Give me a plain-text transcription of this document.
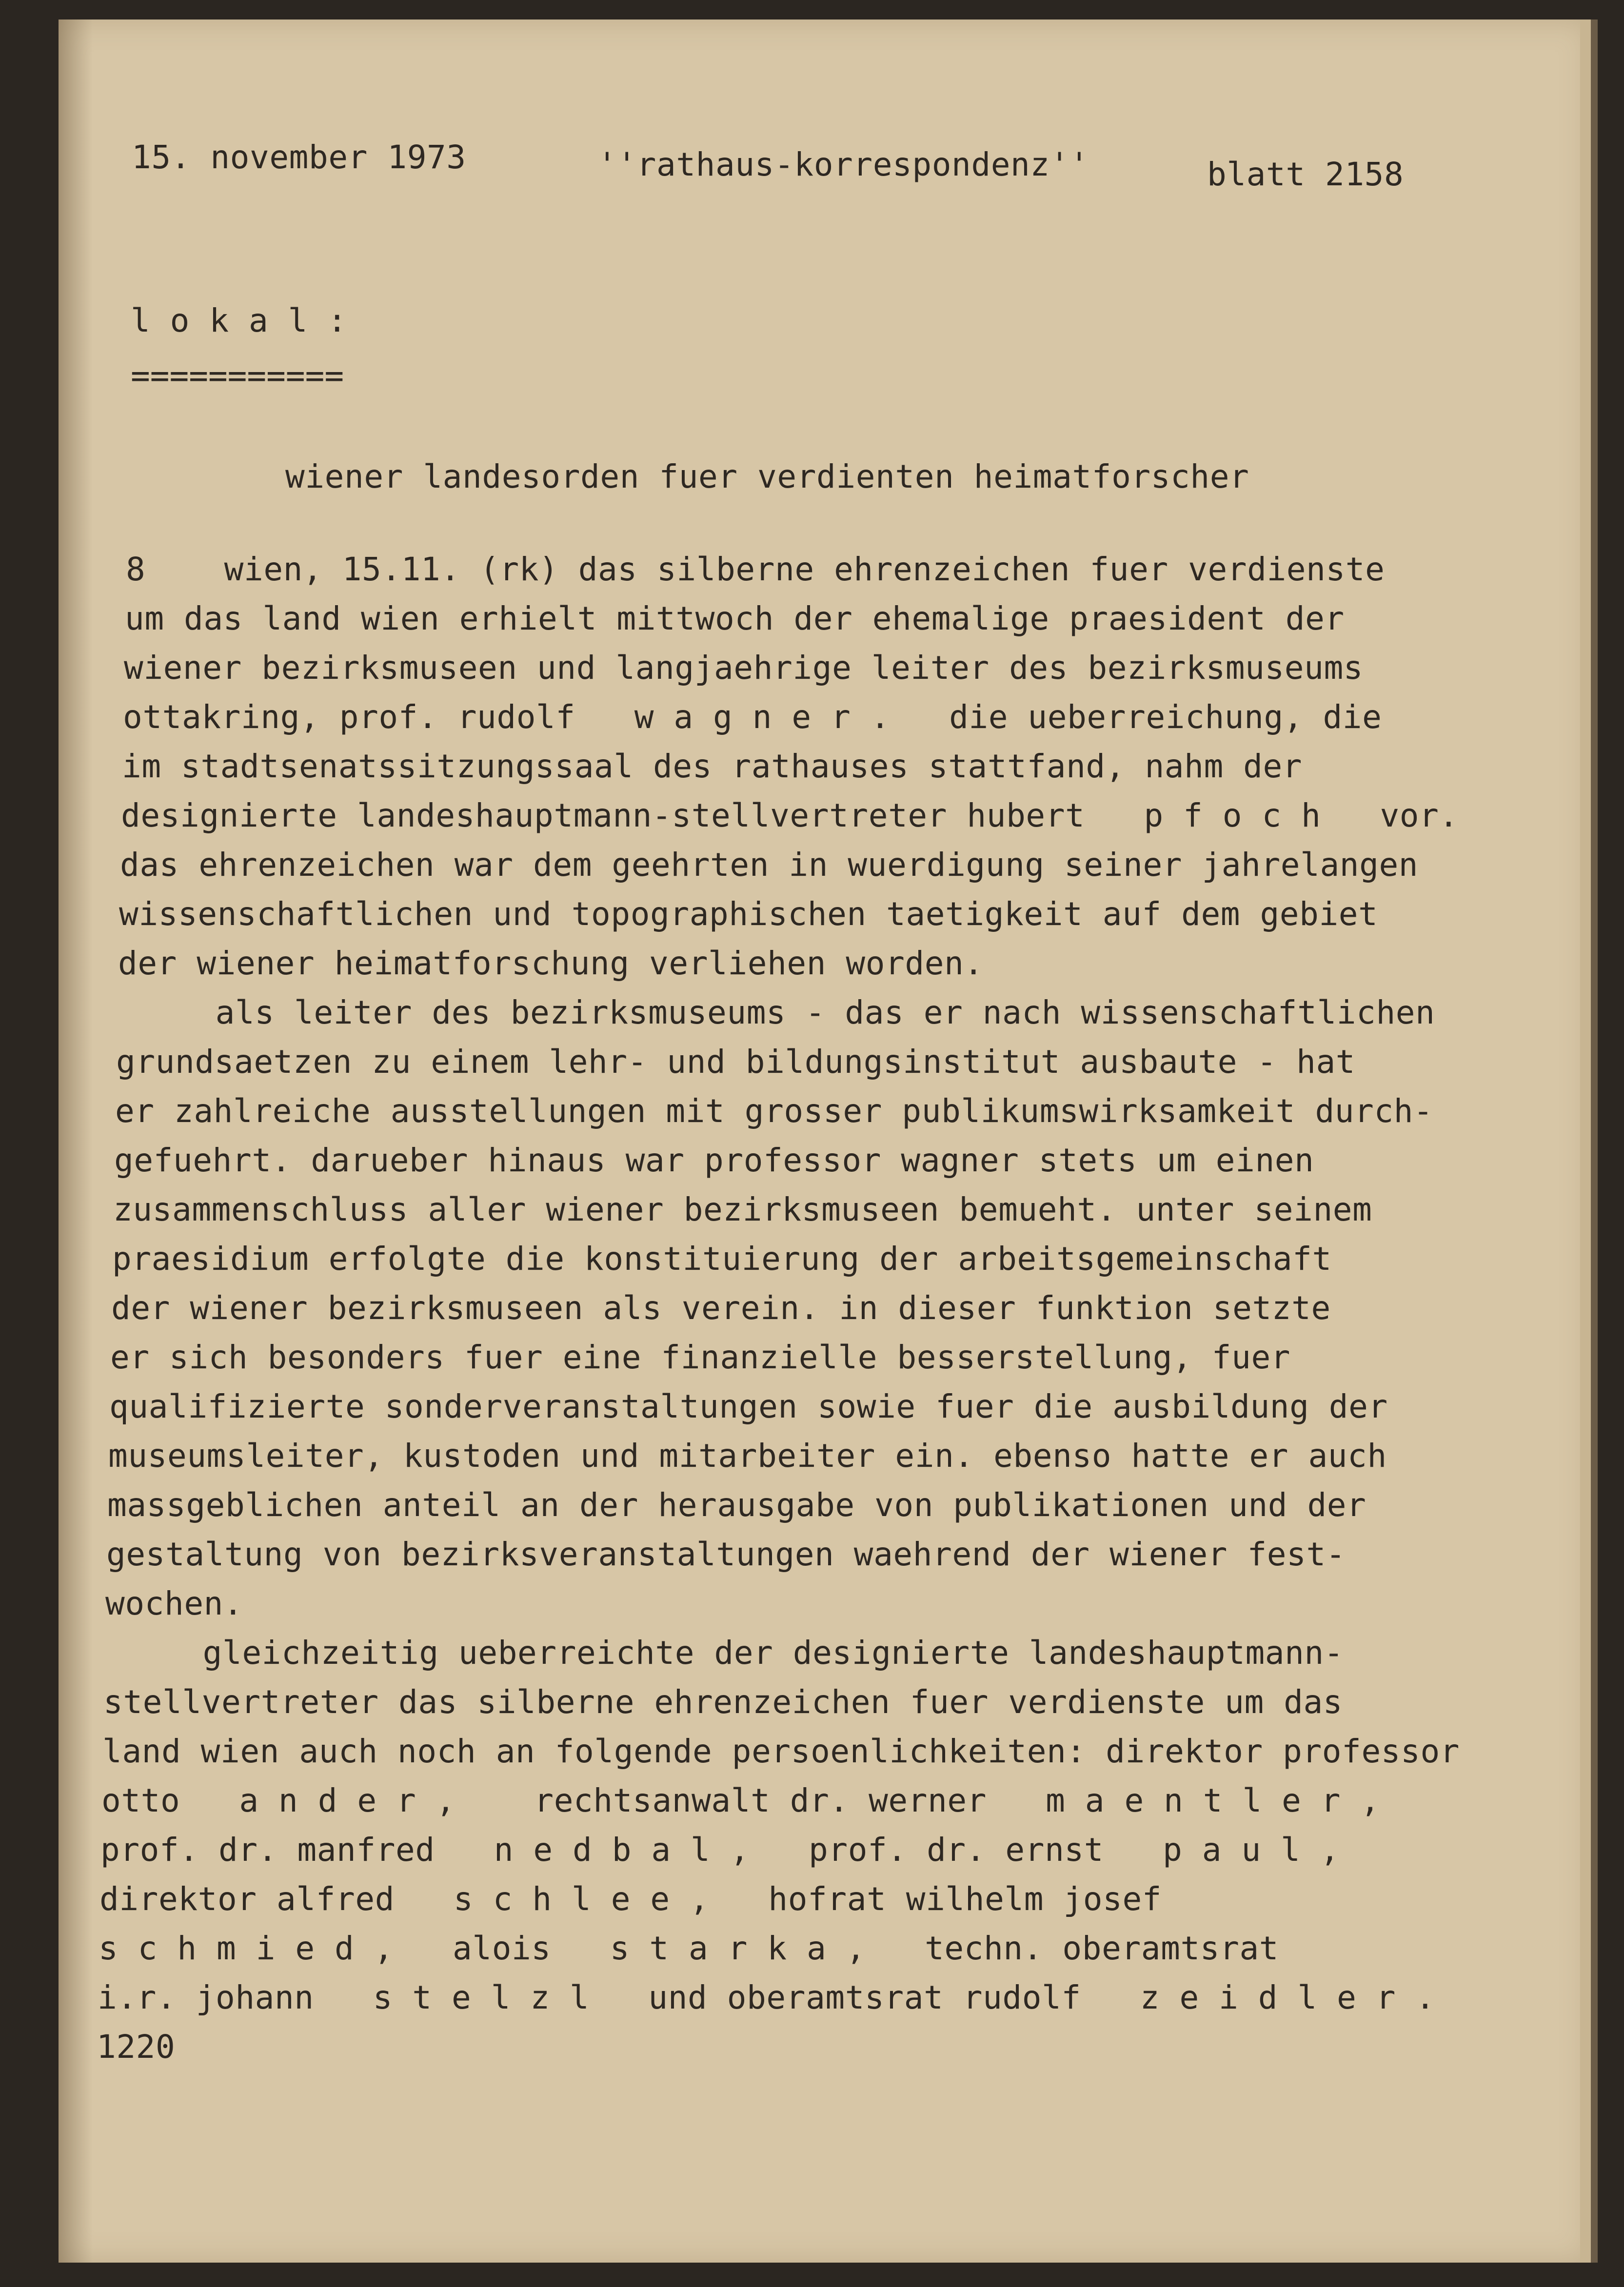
15. november 1973	''rathaus-korrespondenz''	blatt 2158
l o k a l :
===========
wiener landesorden fuer verdienten heimatforscher
8    wien, 15.11. (rk) das silberne ehrenzeichen fuer verdienste
um das land wien erhielt mittwoch der ehemalige praesident der
wiener bezirksmuseen und langjaehrige leiter des bezirksmuseums
ottakring, prof. rudolf   w a g n e r .   die ueberreichung, die
im stadtsenatssitzungssaal des rathauses stattfand, nahm der
designierte landeshauptmann-stellvertreter hubert   p f o c h   vor.
das ehrenzeichen war dem geehrten in wuerdigung seiner jahrelangen
wissenschaftlichen und topographischen taetigkeit auf dem gebiet
der wiener heimatforschung verliehen worden.
als leiter des bezirksmuseums - das er nach wissenschaftlichen
grundsaetzen zu einem lehr- und bildungsinstitut ausbaute - hat
er zahlreiche ausstellungen mit grosser publikumswirksamkeit durch-
gefuehrt. darueber hinaus war professor wagner stets um einen
zusammenschluss aller wiener bezirksmuseen bemueht. unter seinem
praesidium erfolgte die konstituierung der arbeitsgemeinschaft
der wiener bezirksmuseen als verein. in dieser funktion setzte
er sich besonders fuer eine finanzielle besserstellung, fuer
qualifizierte sonderveranstaltungen sowie fuer die ausbildung der
museumsleiter, kustoden und mitarbeiter ein. ebenso hatte er auch
massgeblichen anteil an der herausgabe von publikationen und der
gestaltung von bezirksveranstaltungen waehrend der wiener fest-
wochen.
gleichzeitig ueberreichte der designierte landeshauptmann-
stellvertreter das silberne ehrenzeichen fuer verdienste um das
land wien auch noch an folgende persoenlichkeiten: direktor professor
otto   a n d e r ,    rechtsanwalt dr. werner   m a e n t l e r ,
prof. dr. manfred   n e d b a l ,   prof. dr. ernst   p a u l ,
direktor alfred   s c h l e e ,   hofrat wilhelm josef
s c h m i e d ,   alois   s t a r k a ,   techn. oberamtsrat
i.r. johann   s t e l z l   und oberamtsrat rudolf   z e i d l e r .
1220
